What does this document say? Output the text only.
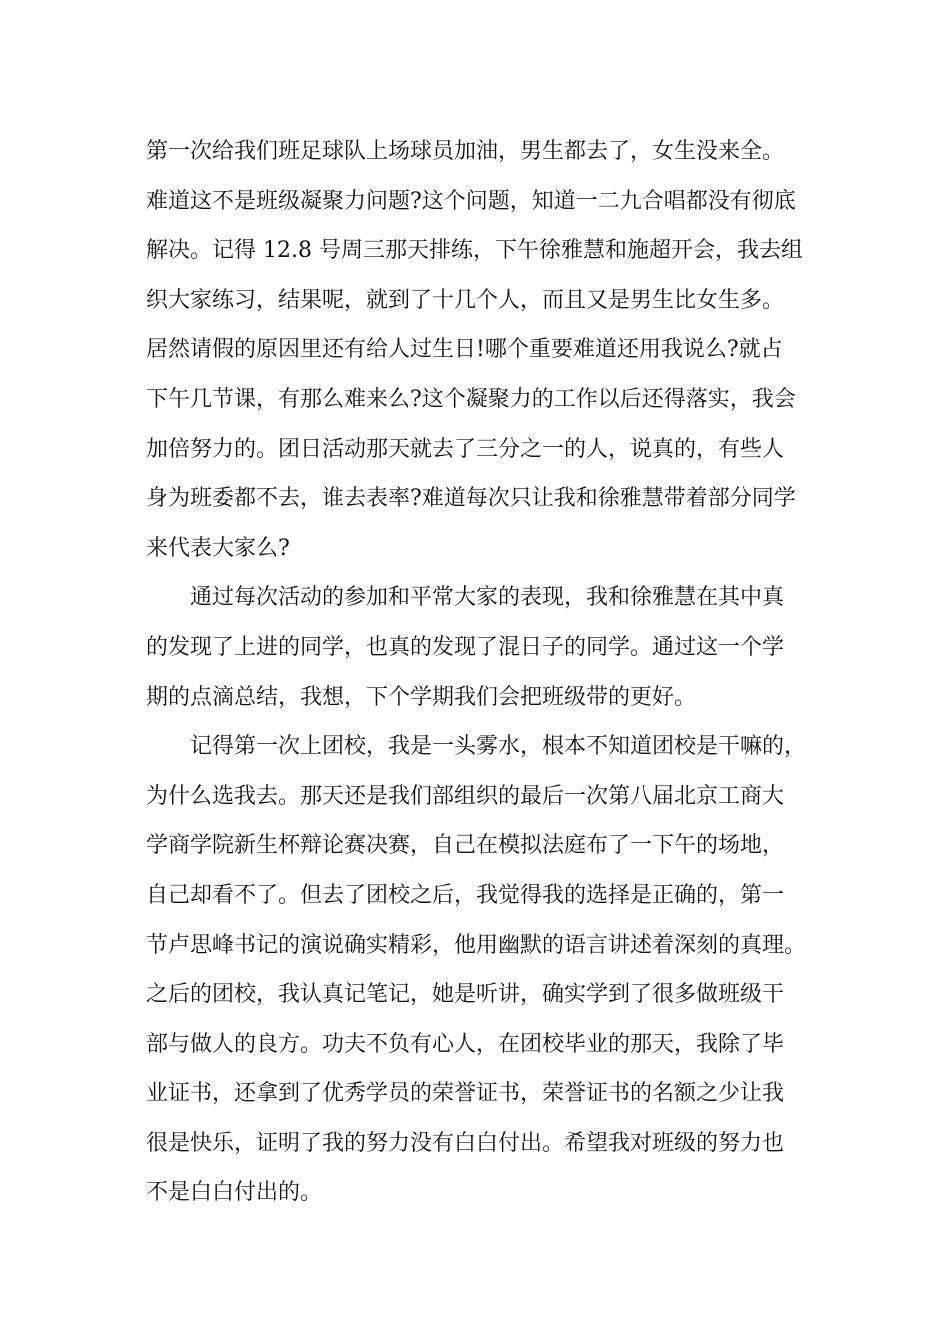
第一次给我们班足球队上场球员加油，男生都去了，女生没来全。
难道这不是班级凝聚力问题?这个问题，知道一二九合唱都没有彻底
解决。记得 12.8 号周三那天排练，下午徐雅慧和施超开会，我去组
织大家练习，结果呢，就到了十几个人，而且又是男生比女生多。
居然请假的原因里还有给人过生日!哪个重要难道还用我说么?就占
下午几节课，有那么难来么?这个凝聚力的工作以后还得落实，我会
加倍努力的。团日活动那天就去了三分之一的人，说真的，有些人
身为班委都不去，谁去表率?难道每次只让我和徐雅慧带着部分同学
来代表大家么?
通过每次活动的参加和平常大家的表现，我和徐雅慧在其中真
的发现了上进的同学，也真的发现了混日子的同学。通过这一个学
期的点滴总结，我想，下个学期我们会把班级带的更好。
记得第一次上团校，我是一头雾水，根本不知道团校是干嘛的，
为什么选我去。那天还是我们部组织的最后一次第八届北京工商大
学商学院新生杯辩论赛决赛，自己在模拟法庭布了一下午的场地，
自己却看不了。但去了团校之后，我觉得我的选择是正确的，第一
节卢思峰书记的演说确实精彩，他用幽默的语言讲述着深刻的真理。
之后的团校，我认真记笔记，她是听讲，确实学到了很多做班级干
部与做人的良方。功夫不负有心人，在团校毕业的那天，我除了毕
业证书，还拿到了优秀学员的荣誉证书，荣誉证书的名额之少让我
很是快乐，证明了我的努力没有白白付出。希望我对班级的努力也
不是白白付出的。
